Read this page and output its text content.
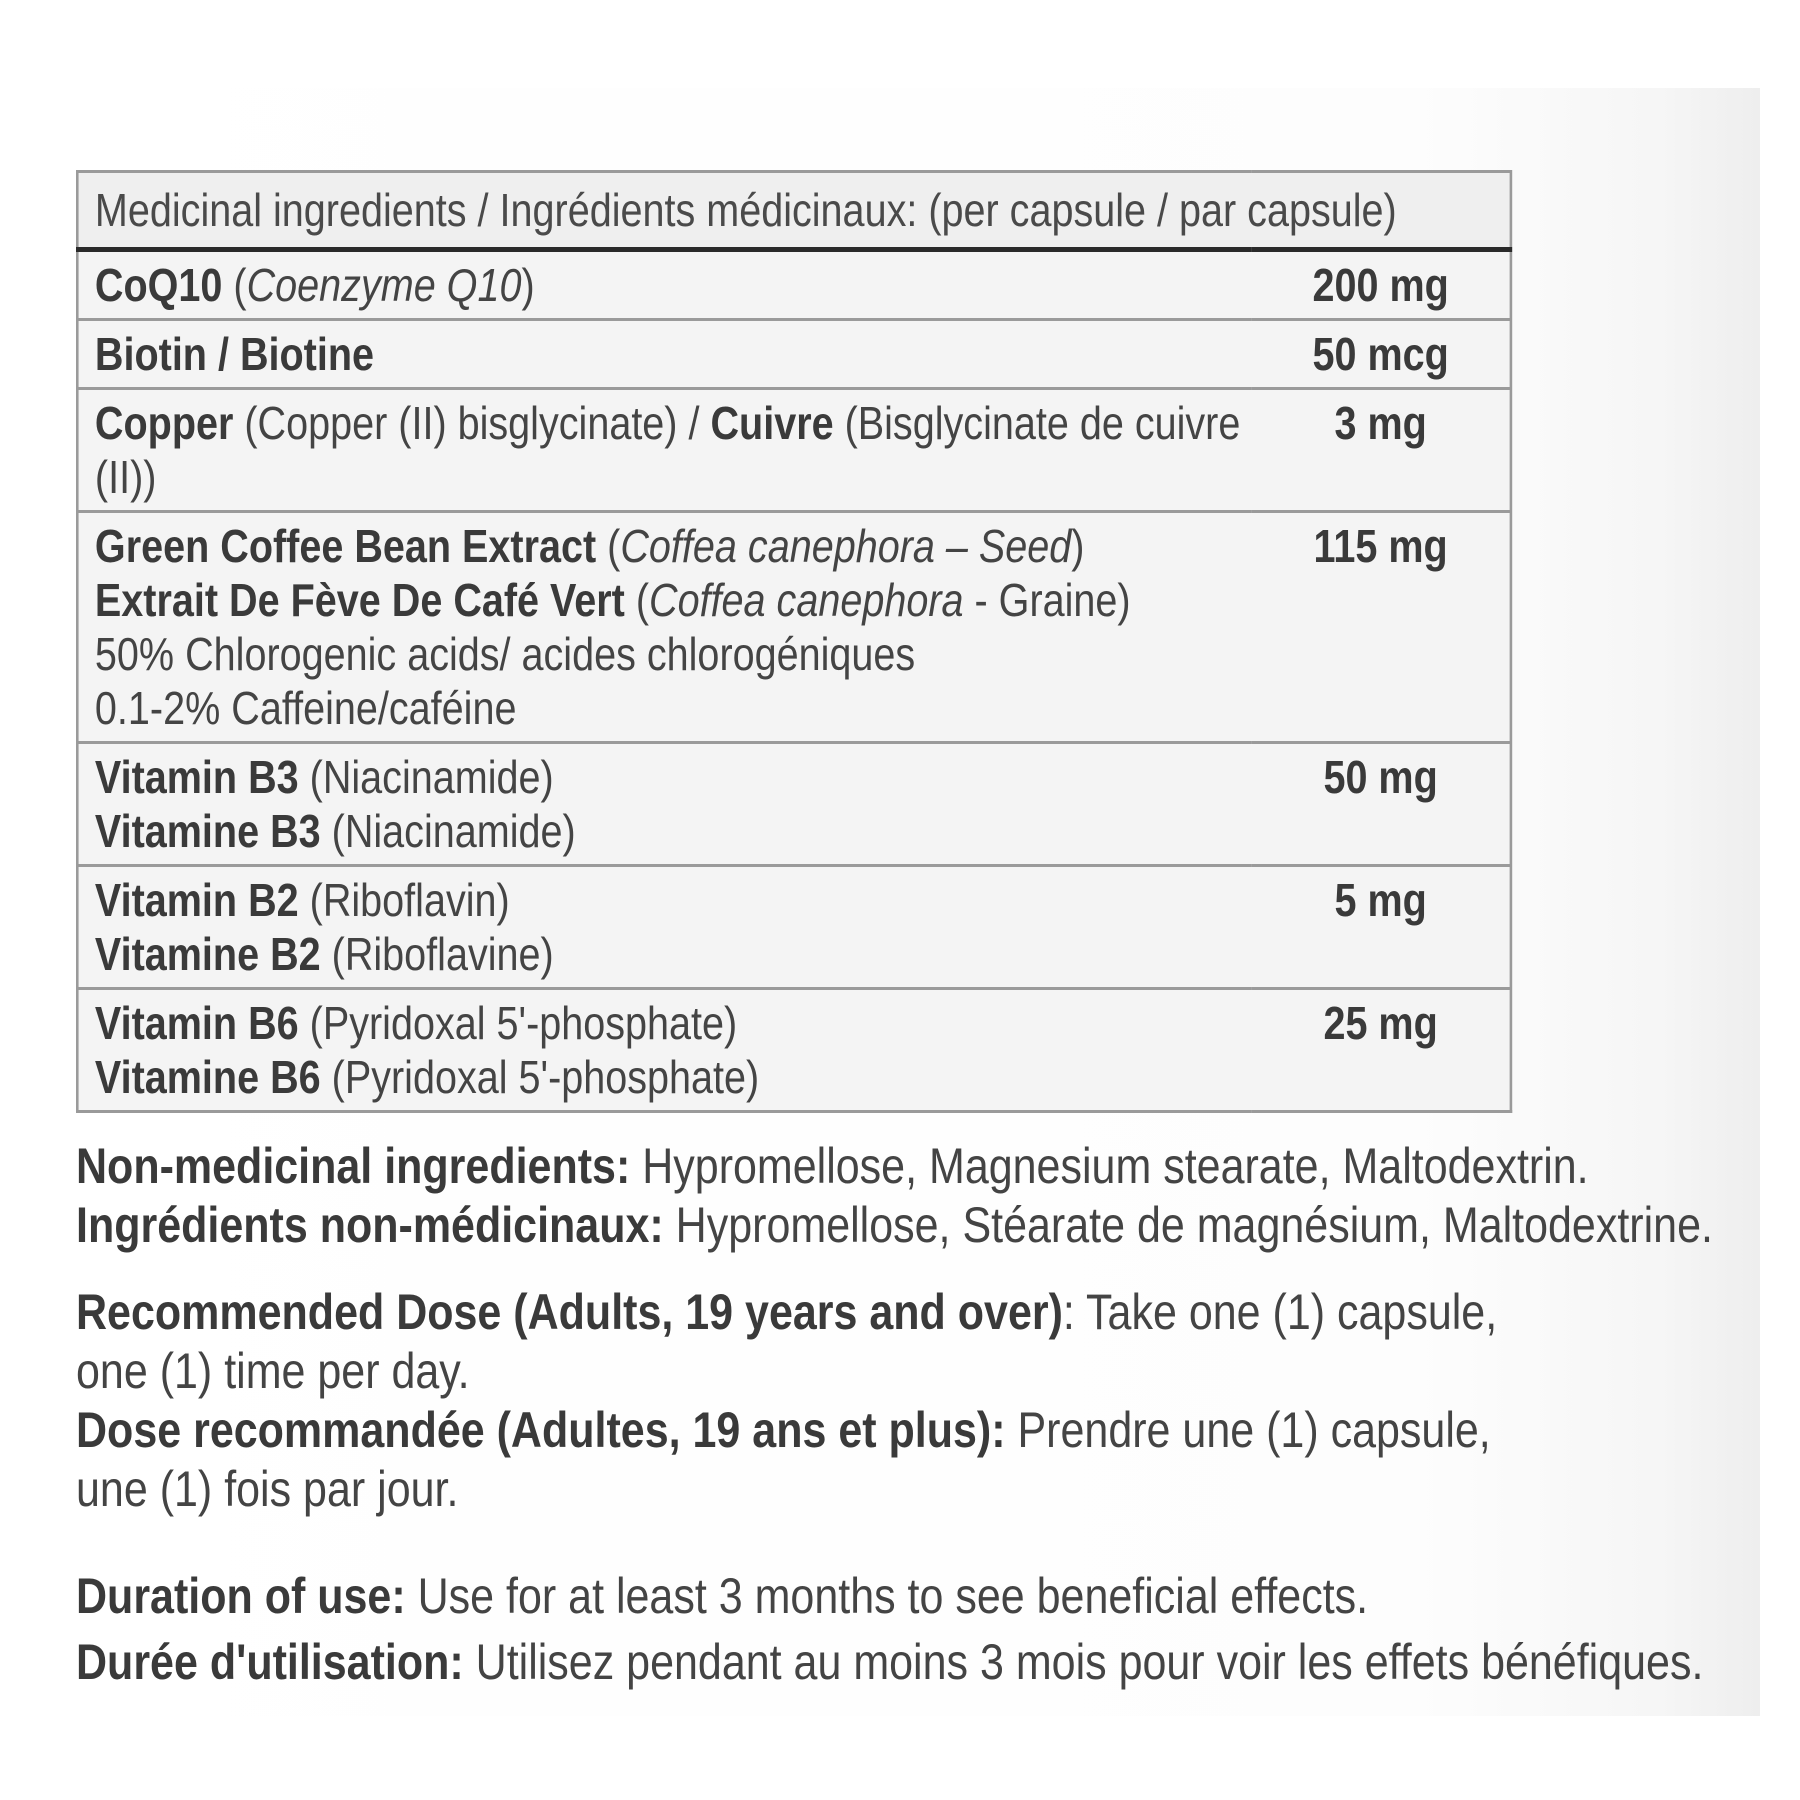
Medicinal ingredients / Ingrédients médicinaux: (per capsule / par capsule)	
CoQ10 (Coenzyme Q10)	200 mg
Biotin / Biotine	50 mcg
Copper (Copper (II) bisglycinate) / Cuivre (Bisglycinate de cuivre (II))	3 mg

Green Coffee Bean Extract (Coffea canephora – Seed)
Extrait De Fève De Café Vert (Coffea canephora - Graine)
50% Chlorogenic acids/ acides chlorogéniques
0.1-2% Caffeine/caféine	115 mg

Vitamin B3 (Niacinamide)
Vitamine B3 (Niacinamide)	50 mg

Vitamin B2 (Riboflavin)
Vitamine B2 (Riboflavine)	5 mg

Vitamin B6 (Pyridoxal 5'-phosphate)
Vitamine B6 (Pyridoxal 5'-phosphate)	25 mg
Non-medicinal ingredients: Hypromellose, Magnesium stearate, Maltodextrin.
Ingrédients non-médicinaux: Hypromellose, Stéarate de magnésium, Maltodextrine.
Recommended Dose (Adults, 19 years and over): Take one (1) capsule,
one (1) time per day.
Dose recommandée (Adultes, 19 ans et plus): Prendre une (1) capsule,
une (1) fois par jour.
Duration of use: Use for at least 3 months to see beneficial effects.
Durée d'utilisation: Utilisez pendant au moins 3 mois pour voir les effets bénéfiques.
